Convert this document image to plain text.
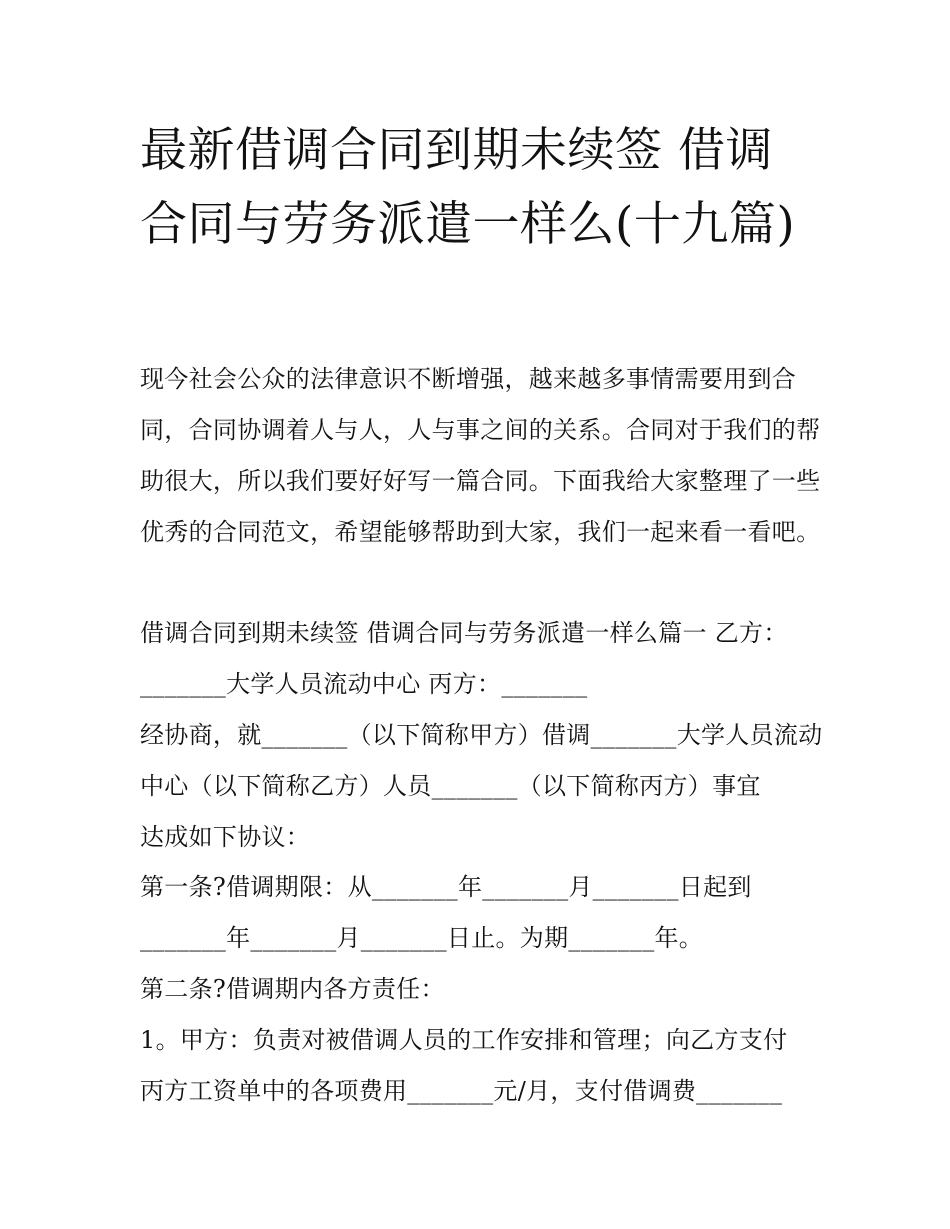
最新借调合同到期未续签 借调合同与劳务派遣一样么(十九篇)

现今社会公众的法律意识不断增强，越来越多事情需要用到合同，合同协调着人与人，人与事之间的关系。合同对于我们的帮助很大，所以我们要好好写一篇合同。下面我给大家整理了一些优秀的合同范文，希望能够帮助到大家，我们一起来看一看吧。

借调合同到期未续签 借调合同与劳务派遣一样么篇一 乙方：

_______大学人员流动中心 丙方：_______

经协商，就_______（以下简称甲方）借调_______大学人员流动中心（以下简称乙方）人员_______（以下简称丙方）事宜

达成如下协议：

第一条?借调期限：从_______年_______月_______日起到

_______年_______月_______日止。为期_______年。

第二条?借调期内各方责任：

1。甲方：负责对被借调人员的工作安排和管理；向乙方支付

丙方工资单中的各项费用_______元/月，支付借调费_______
